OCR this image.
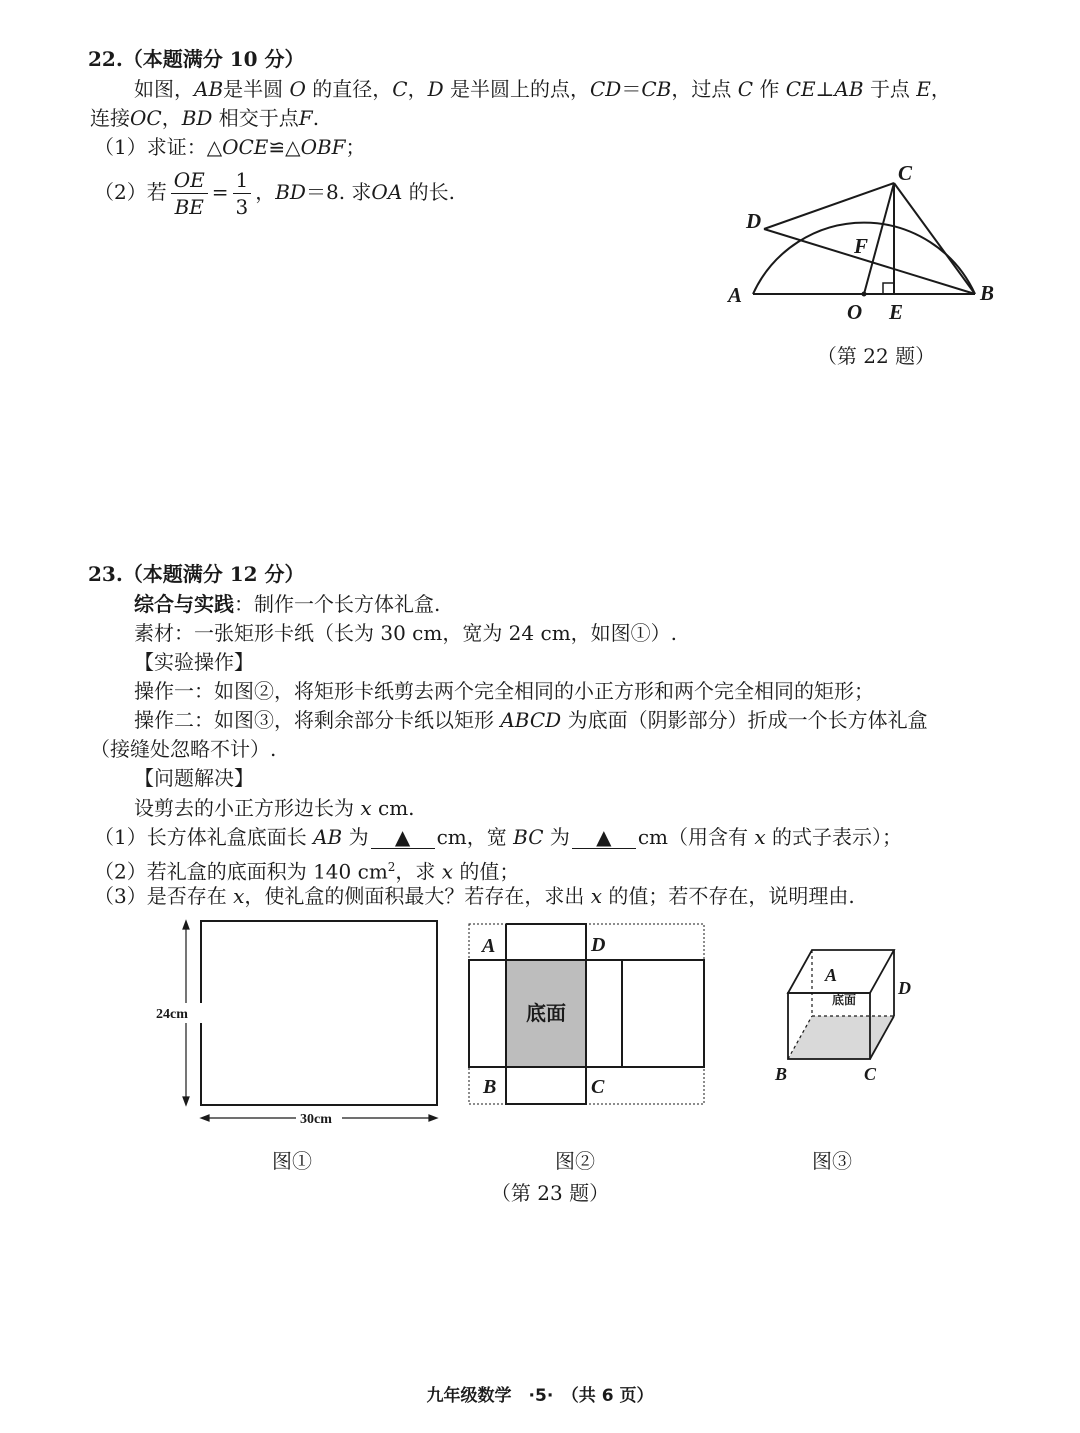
22.（本题满分 10 分）
如图，AB是半圆 O 的直径，C，D 是半圆上的点，CD＝CB，过点 C 作 CE⊥AB 于点 E，
连接OC，BD 相交于点F.
（1）求证：△OCE≌△OBF；
（2）若 $\frac{OE}{BE} = \frac{1}{3}$ ，BD＝8. 求OA 的长.
A	B
C
D
E
F
O
（第 22 题）
23.（本题满分 12 分）
综合与实践：制作一个长方体礼盒.
素材：一张矩形卡纸（长为 30 cm，宽为 24 cm，如图①）.
【实验操作】
操作一：如图②，将矩形卡纸剪去两个完全相同的小正方形和两个完全相同的矩形；
操作二：如图③，将剩余部分卡纸以矩形 ABCD 为底面（阴影部分）折成一个长方体礼盒
（接缝处忽略不计）.
【问题解决】
设剪去的小正方形边长为 x cm.
（1）长方体礼盒底面长 AB 为 ▲ cm，宽 BC 为 ▲ cm（用含有 x 的式子表示）；
（2）若礼盒的底面积为 140 $cm^2$，求 x 的值；
（3）是否存在 x，使礼盒的侧面积最大？若存在，求出 x 的值；若不存在，说明理由.
24cm
30cm
图①
A	D
B	C
底面
图②
A
D
B	C
底面
图③
（第 23 题）
九年级数学　·5·　（共 6 页）
